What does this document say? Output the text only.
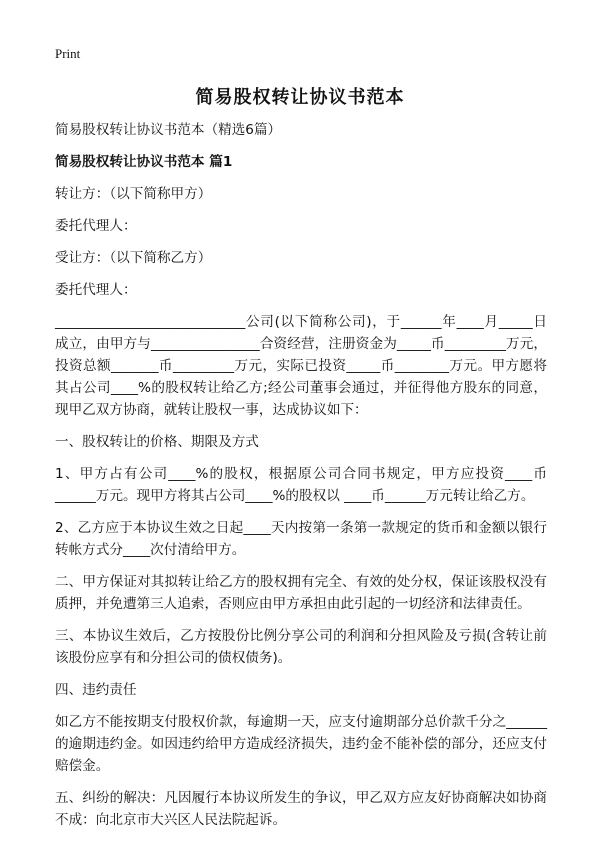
Print
简易股权转让协议书范本

简易股权转让协议书范本（精选6篇）

简易股权转让协议书范本 篇1

转让方：（以下简称甲方）

委托代理人：

受让方：（以下简称乙方）

委托代理人：

____________________________公司(以下简称公司)，于______年____月_____日成立，由甲方与________________合资经营，注册资金为_____币_________万元，投资总额_______币_________万元，实际已投资_____币________万元。甲方愿将其占公司____%的股权转让给乙方;经公司董事会通过，并征得他方股东的同意，现甲乙双方协商，就转让股权一事，达成协议如下：

一、股权转让的价格、期限及方式

1、甲方占有公司____%的股权，根据原公司合同书规定，甲方应投资____币______万元。现甲方将其占公司____%的股权以 ____币______万元转让给乙方。

2、乙方应于本协议生效之日起____天内按第一条第一款规定的货币和金额以银行转帐方式分____次付清给甲方。

二、甲方保证对其拟转让给乙方的股权拥有完全、有效的处分权，保证该股权没有质押，并免遭第三人追索，否则应由甲方承担由此引起的一切经济和法律责任。

三、本协议生效后，乙方按股份比例分享公司的利润和分担风险及亏损(含转让前该股份应享有和分担公司的债权债务)。

四、违约责任

如乙方不能按期支付股权价款，每逾期一天，应支付逾期部分总价款千分之______的逾期违约金。如因违约给甲方造成经济损失，违约金不能补偿的部分，还应支付赔偿金。

五、纠纷的解决：凡因履行本协议所发生的争议，甲乙双方应友好协商解决如协商不成：向北京市大兴区人民法院起诉。
